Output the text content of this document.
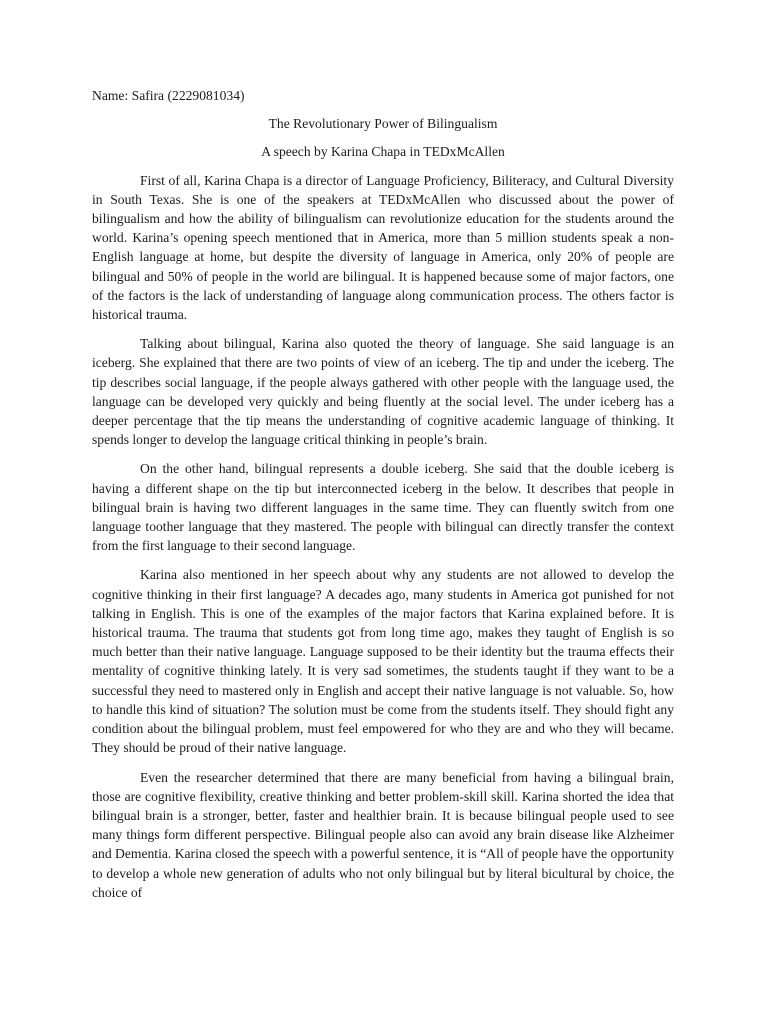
Name: Safira (2229081034)

The Revolutionary Power of Bilingualism

A speech by Karina Chapa in TEDxMcAllen

First of all, Karina Chapa is a director of Language Proficiency, Biliteracy, and Cultural Diversity in South Texas. She is one of the speakers at TEDxMcAllen who discussed about the power of bilingualism and how the ability of bilingualism can revolutionize education for the students around the world. Karina’s opening speech mentioned that in America, more than 5 million students speak a non-English language at home, but despite the diversity of language in America, only 20% of people are bilingual and 50% of people in the world are bilingual. It is happened because some of major factors, one of the factors is the lack of understanding of language along communication process. The others factor is historical trauma.

Talking about bilingual, Karina also quoted the theory of language. She said language is an iceberg. She explained that there are two points of view of an iceberg. The tip and under the iceberg. The tip describes social language, if the people always gathered with other people with the language used, the language can be developed very quickly and being fluently at the social level. The under iceberg has a deeper percentage that the tip means the understanding of cognitive academic language of thinking. It spends longer to develop the language critical thinking in people’s brain.

On the other hand, bilingual represents a double iceberg. She said that the double iceberg is having a different shape on the tip but interconnected iceberg in the below. It describes that people in bilingual brain is having two different languages in the same time. They can fluently switch from one language toother language that they mastered. The people with bilingual can directly transfer the context from the first language to their second language.

Karina also mentioned in her speech about why any students are not allowed to develop the cognitive thinking in their first language? A decades ago, many students in America got punished for not talking in English. This is one of the examples of the major factors that Karina explained before. It is historical trauma. The trauma that students got from long time ago, makes they taught of English is so much better than their native language. Language supposed to be their identity but the trauma effects their mentality of cognitive thinking lately. It is very sad sometimes, the students taught if they want to be a successful they need to mastered only in English and accept their native language is not valuable. So, how to handle this kind of situation? The solution must be come from the students itself. They should fight any condition about the bilingual problem, must feel empowered for who they are and who they will became. They should be proud of their native language.

Even the researcher determined that there are many beneficial from having a bilingual brain, those are cognitive flexibility, creative thinking and better problem-skill skill. Karina shorted the idea that bilingual brain is a stronger, better, faster and healthier brain. It is because bilingual people used to see many things form different perspective. Bilingual people also can avoid any brain disease like Alzheimer and Dementia. Karina closed the speech with a powerful sentence, it is “All of people have the opportunity to develop a whole new generation of adults who not only bilingual but by literal bicultural by choice, the choice of
